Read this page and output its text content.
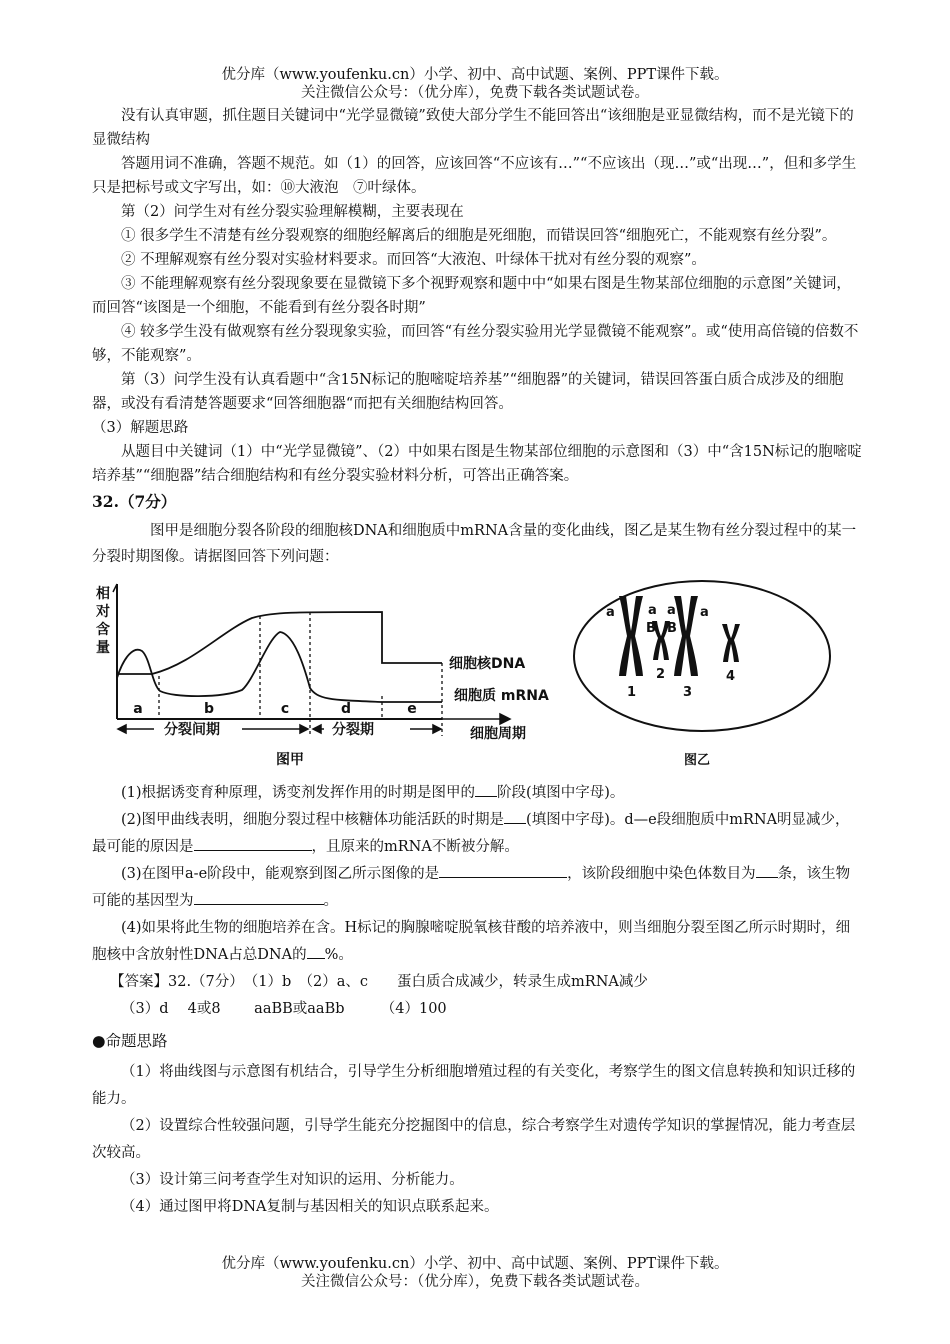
优分库（www.youfenku.cn）小学、初中、高中试题、案例、PPT课件下载。
关注微信公众号：（优分库），免费下载各类试题试卷。

没有认真审题，抓住题目关键词中“光学显微镜”致使大部分学生不能回答出“该细胞是亚显微结构，而不是光镜下的显微结构

答题用词不准确，答题不规范。如（1）的回答，应该回答“不应该有…”“不应该出（现…”或“出现…”，但和多学生只是把标号或文字写出，如：⑩大液泡　⑦叶绿体。

第（2）问学生对有丝分裂实验理解模糊，主要表现在

① 很多学生不清楚有丝分裂观察的细胞经解离后的细胞是死细胞，而错误回答“细胞死亡，不能观察有丝分裂”。

② 不理解观察有丝分裂对实验材料要求。而回答“大液泡、叶绿体干扰对有丝分裂的观察”。

③ 不能理解观察有丝分裂现象要在显微镜下多个视野观察和题中中“如果右图是生物某部位细胞的示意图”关键词，而回答“该图是一个细胞，不能看到有丝分裂各时期”

④ 较多学生没有做观察有丝分裂现象实验，而回答“有丝分裂实验用光学显微镜不能观察”。或“使用高倍镜的倍数不够，不能观察”。

第（3）问学生没有认真看题中“含15N标记的胞嘧啶培养基”“细胞器”的关键词，错误回答蛋白质合成涉及的细胞器，或没有看清楚答题要求“回答细胞器“而把有关细胞结构回答。

（3）解题思路

从题目中关键词（1）中“光学显微镜”、（2）中如果右图是生物某部位细胞的示意图和（3）中“含15N标记的胞嘧啶培养基”“细胞器”结合细胞结构和有丝分裂实验材料分析，可答出正确答案。

32.（7分）

图甲是细胞分裂各阶段的细胞核DNA和细胞质中mRNA含量的变化曲线，图乙是某生物有丝分裂过程中的某一分裂时期图像。请据图回答下列问题：

相
对
含
量
a	b	c	d	e
细胞核DNA
细胞质 mRNA
分裂间期	分裂期	细胞周期
图甲
a	a
B B
a a
1
2
3
4
图乙

(1)根据诱变育种原理，诱变剂发挥作用的时期是图甲的 阶段(填图中字母)。

(2)图甲曲线表明，细胞分裂过程中核糖体功能活跃的时期是 (填图中字母)。d—e段细胞质中mRNA明显减少，最可能的原因是	，且原来的mRNA不断被分解。

(3)在图甲a-e阶段中，能观察到图乙所示图像的是	，该阶段细胞中染色体数目为 条，该生物可能的基因型为	。

(4)如果将此生物的细胞培养在含。H标记的胸腺嘧啶脱氧核苷酸的培养液中，则当细胞分裂至图乙所示时期时，细胞核中含放射性DNA占总DNA的 %。

【答案】32.（7分）　（1）b　（2）a、c　　蛋白质合成减少，转录生成mRNA减少

（3）d　 4或8　　 aaBB或aaBb　　　（4）100

●命题思路

（1）将曲线图与示意图有机结合，引导学生分析细胞增殖过程的有关变化，考察学生的图文信息转换和知识迁移的能力。

（2）设置综合性较强问题，引导学生能充分挖掘图中的信息，综合考察学生对遗传学知识的掌握情况，能力考查层次较高。

（3）设计第三问考查学生对知识的运用、分析能力。

（4）通过图甲将DNA复制与基因相关的知识点联系起来。

优分库（www.youfenku.cn）小学、初中、高中试题、案例、PPT课件下载。
关注微信公众号：（优分库），免费下载各类试题试卷。
